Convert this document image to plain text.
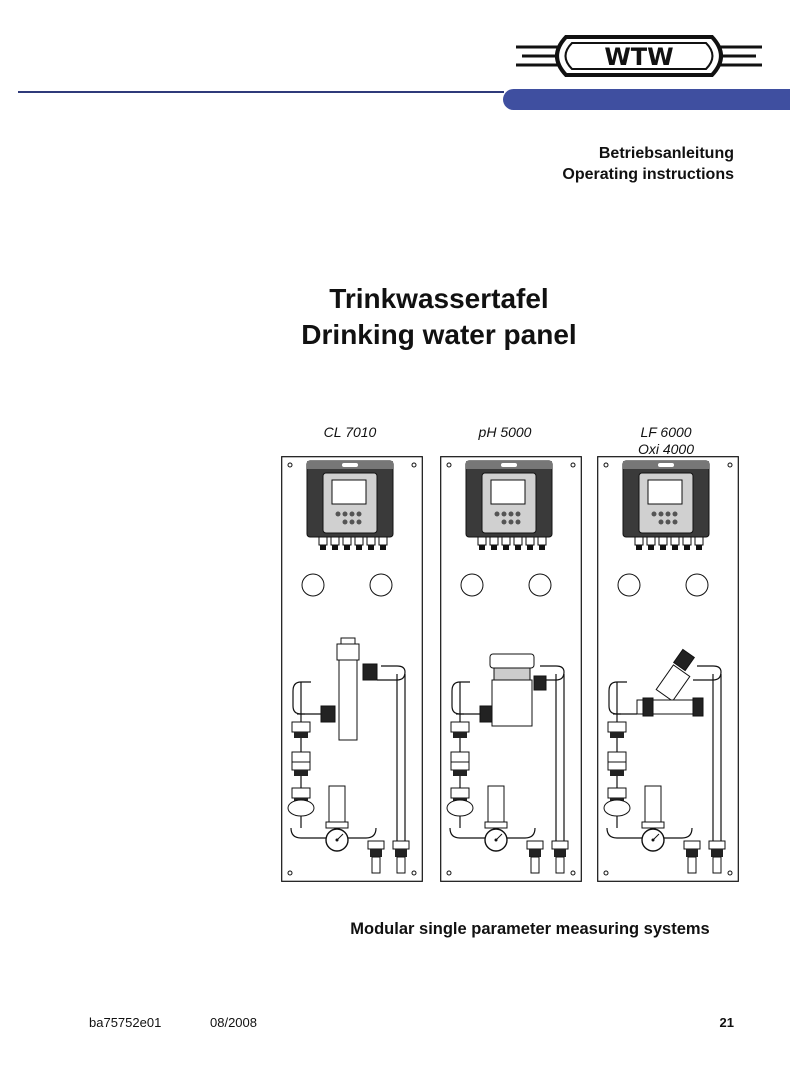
WTW
Betriebsanleitung
Operating instructions
Trinkwassertafel
Drinking water panel
CL 7010	pH 5000	LF 6000
Oxi 4000
Modular single parameter measuring systems
ba75752e01	08/2008	21
